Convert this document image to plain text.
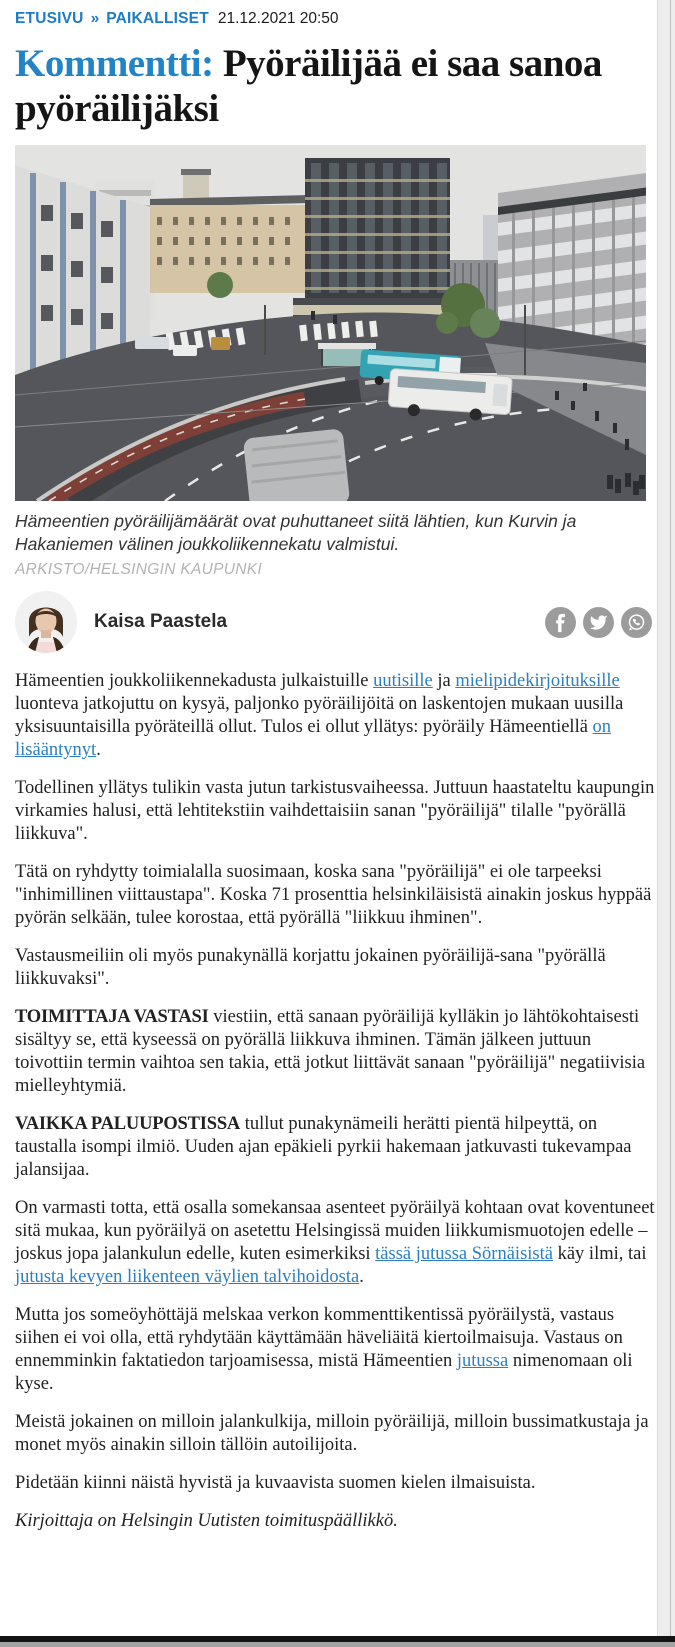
ETUSIVU » PAIKALLISET 21.12.2021 20:50
Kommentti: Pyöräilijää ei saa sanoa pyöräilijäksi
Hämeentien pyöräilijämäärät ovat puhuttaneet siitä lähtien, kun Kurvin ja Hakaniemen välinen joukkoliikennekatu valmistui.
ARKISTO/HELSINGIN KAUPUNKI
Kaisa Paastela

Hämeentien joukkoliikennekadusta julkaistuille uutisille ja mielipidekirjoituksille luonteva jatkojuttu on kysyä, paljonko pyöräilijöitä on laskentojen mukaan uusilla yksisuuntaisilla pyöräteillä ollut. Tulos ei ollut yllätys: pyöräily Hämeentiellä on lisääntynyt.

Todellinen yllätys tulikin vasta jutun tarkistusvaiheessa. Juttuun haastateltu kaupungin virkamies halusi, että lehtitekstiin vaihdettaisiin sanan "pyöräilijä" tilalle "pyörällä liikkuva".

Tätä on ryhdytty toimialalla suosimaan, koska sana "pyöräilijä" ei ole tarpeeksi "inhimillinen viittaustapa". Koska 71 prosenttia helsinkiläisistä ainakin joskus hyppää pyörän selkään, tulee korostaa, että pyörällä "liikkuu ihminen".

Vastausmeiliin oli myös punakynällä korjattu jokainen pyöräilijä-sana "pyörällä liikkuvaksi".

TOIMITTAJA VASTASI viestiin, että sanaan pyöräilijä kylläkin jo lähtökohtaisesti sisältyy se, että kyseessä on pyörällä liikkuva ihminen. Tämän jälkeen juttuun toivottiin termin vaihtoa sen takia, että jotkut liittävät sanaan "pyöräilijä" negatiivisia mielleyhtymiä.

VAIKKA PALUUPOSTISSA tullut punakynämeili herätti pientä hilpeyttä, on taustalla isompi ilmiö. Uuden ajan epäkieli pyrkii hakemaan jatkuvasti tukevampaa jalansijaa.

On varmasti totta, että osalla somekansaa asenteet pyöräilyä kohtaan ovat koventuneet sitä mukaa, kun pyöräilyä on asetettu Helsingissä muiden liikkumismuotojen edelle – joskus jopa jalankulun edelle, kuten esimerkiksi tässä jutussa Sörnäisistä käy ilmi, tai jutusta kevyen liikenteen väylien talvihoidosta.

Mutta jos someöyhöttäjä melskaa verkon kommenttikentissä pyöräilystä, vastaus siihen ei voi olla, että ryhdytään käyttämään häveliäitä kiertoilmaisuja. Vastaus on ennemminkin faktatiedon tarjoamisessa, mistä Hämeentien jutussa nimenomaan oli kyse.

Meistä jokainen on milloin jalankulkija, milloin pyöräilijä, milloin bussimatkustaja ja monet myös ainakin silloin tällöin autoilijoita.

Pidetään kiinni näistä hyvistä ja kuvaavista suomen kielen ilmaisuista.

Kirjoittaja on Helsingin Uutisten toimituspäällikkö.
